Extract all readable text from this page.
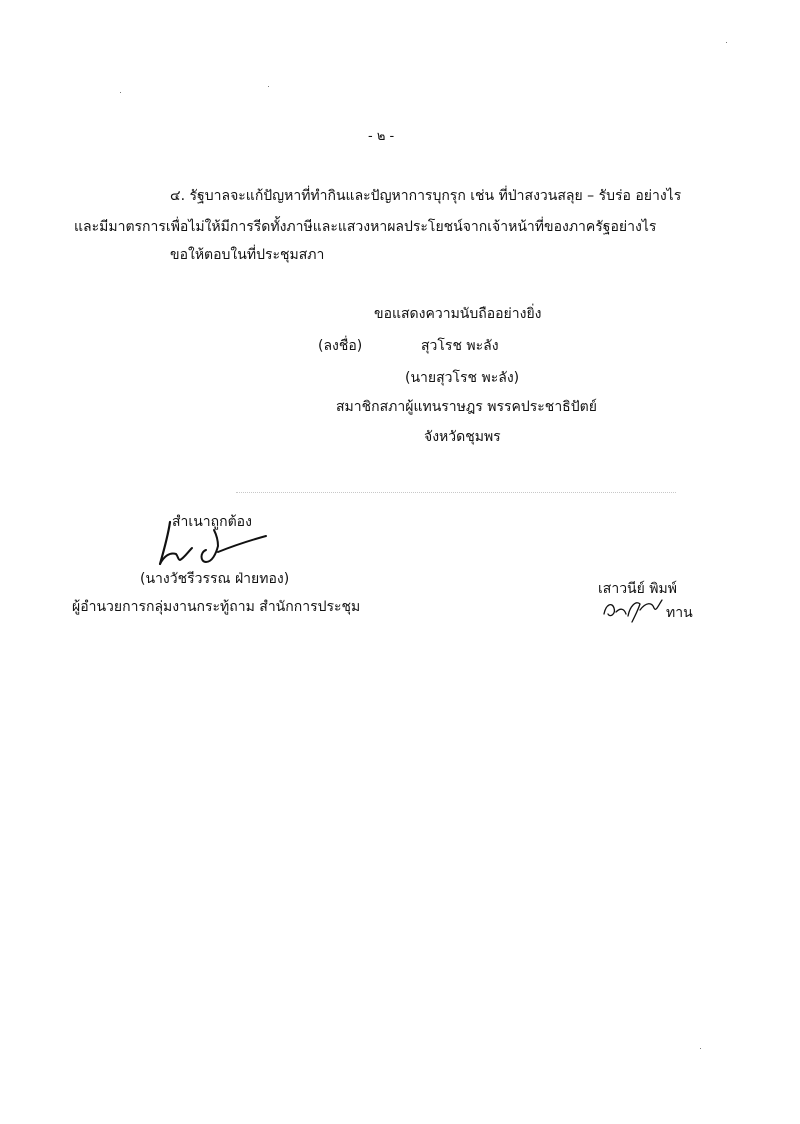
- ๒ -
๔. รัฐบาลจะแก้ปัญหาที่ทำกินและปัญหาการบุกรุก เช่น ที่ป่าสงวนสลุย – รับร่อ อย่างไร
และมีมาตรการเพื่อไม่ให้มีการรีดทั้งภาษีและแสวงหาผลประโยชน์จากเจ้าหน้าที่ของภาครัฐอย่างไร
ขอให้ตอบในที่ประชุมสภา
ขอแสดงความนับถืออย่างยิ่ง
(ลงชื่อ)	สุวโรช พะลัง
(นายสุวโรช พะลัง)
สมาชิกสภาผู้แทนราษฎร พรรคประชาธิปัตย์
จังหวัดชุมพร
สำเนาถูกต้อง
(นางวัชรีวรรณ ฝ่ายทอง)
ผู้อำนวยการกลุ่มงานกระทู้ถาม สำนักการประชุม
เสาวนีย์ พิมพ์
ทาน
